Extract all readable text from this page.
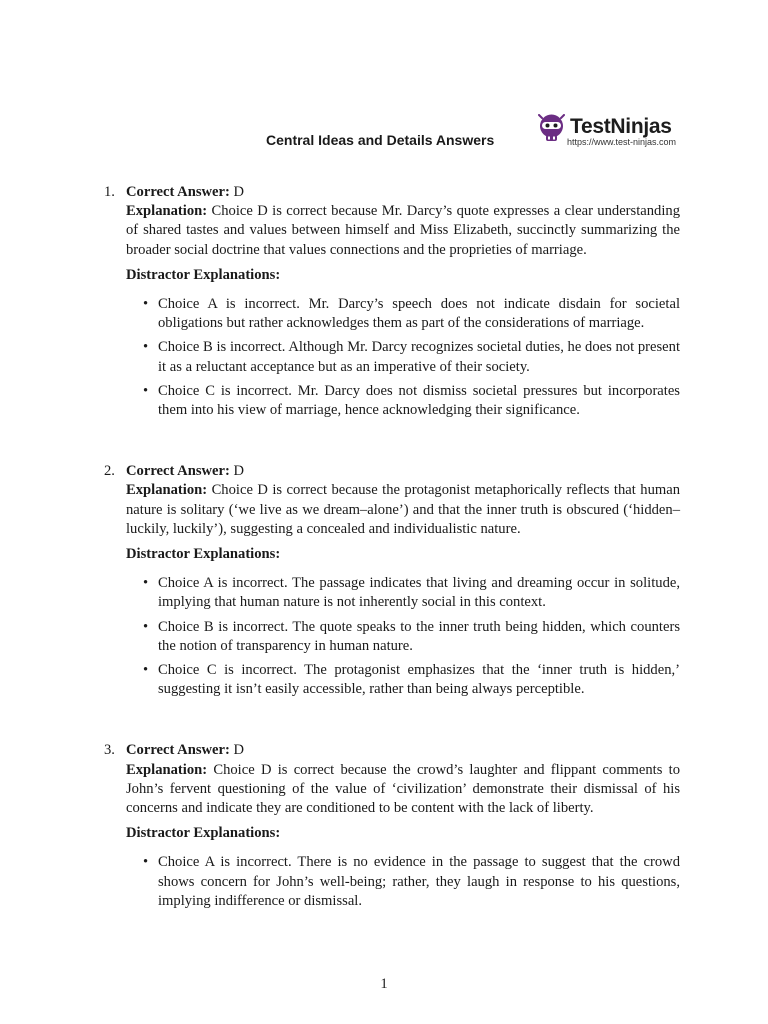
Central Ideas and Details Answers
TestNinjas
https://www.test-ninjas.com
1. Correct Answer: D

Explanation: Choice D is correct because Mr. Darcy’s quote expresses a clear understanding of shared tastes and values between himself and Miss Elizabeth, succinctly summarizing the broader social doctrine that values connections and the proprieties of marriage.

Distractor Explanations:

• Choice A is incorrect. Mr. Darcy’s speech does not indicate disdain for societal obligations but rather acknowledges them as part of the considerations of marriage.
• Choice B is incorrect. Although Mr. Darcy recognizes societal duties, he does not present it as a reluctant acceptance but as an imperative of their society.
• Choice C is incorrect. Mr. Darcy does not dismiss societal pressures but incorporates them into his view of marriage, hence acknowledging their significance.
2. Correct Answer: D

Explanation: Choice D is correct because the protagonist metaphorically reflects that human nature is solitary (‘we live as we dream–alone’) and that the inner truth is obscured (‘hidden–luckily, luckily’), suggesting a concealed and individualistic nature.

Distractor Explanations:

• Choice A is incorrect. The passage indicates that living and dreaming occur in solitude, implying that human nature is not inherently social in this context.
• Choice B is incorrect. The quote speaks to the inner truth being hidden, which counters the notion of transparency in human nature.
• Choice C is incorrect. The protagonist emphasizes that the ‘inner truth is hidden,’ suggesting it isn’t easily accessible, rather than being always perceptible.
3. Correct Answer: D

Explanation: Choice D is correct because the crowd’s laughter and flippant comments to John’s fervent questioning of the value of ‘civilization’ demonstrate their dismissal of his concerns and indicate they are conditioned to be content with the lack of liberty.

Distractor Explanations:

• Choice A is incorrect. There is no evidence in the passage to suggest that the crowd shows concern for John’s well-being; rather, they laugh in response to his questions, implying indifference or dismissal.
1
